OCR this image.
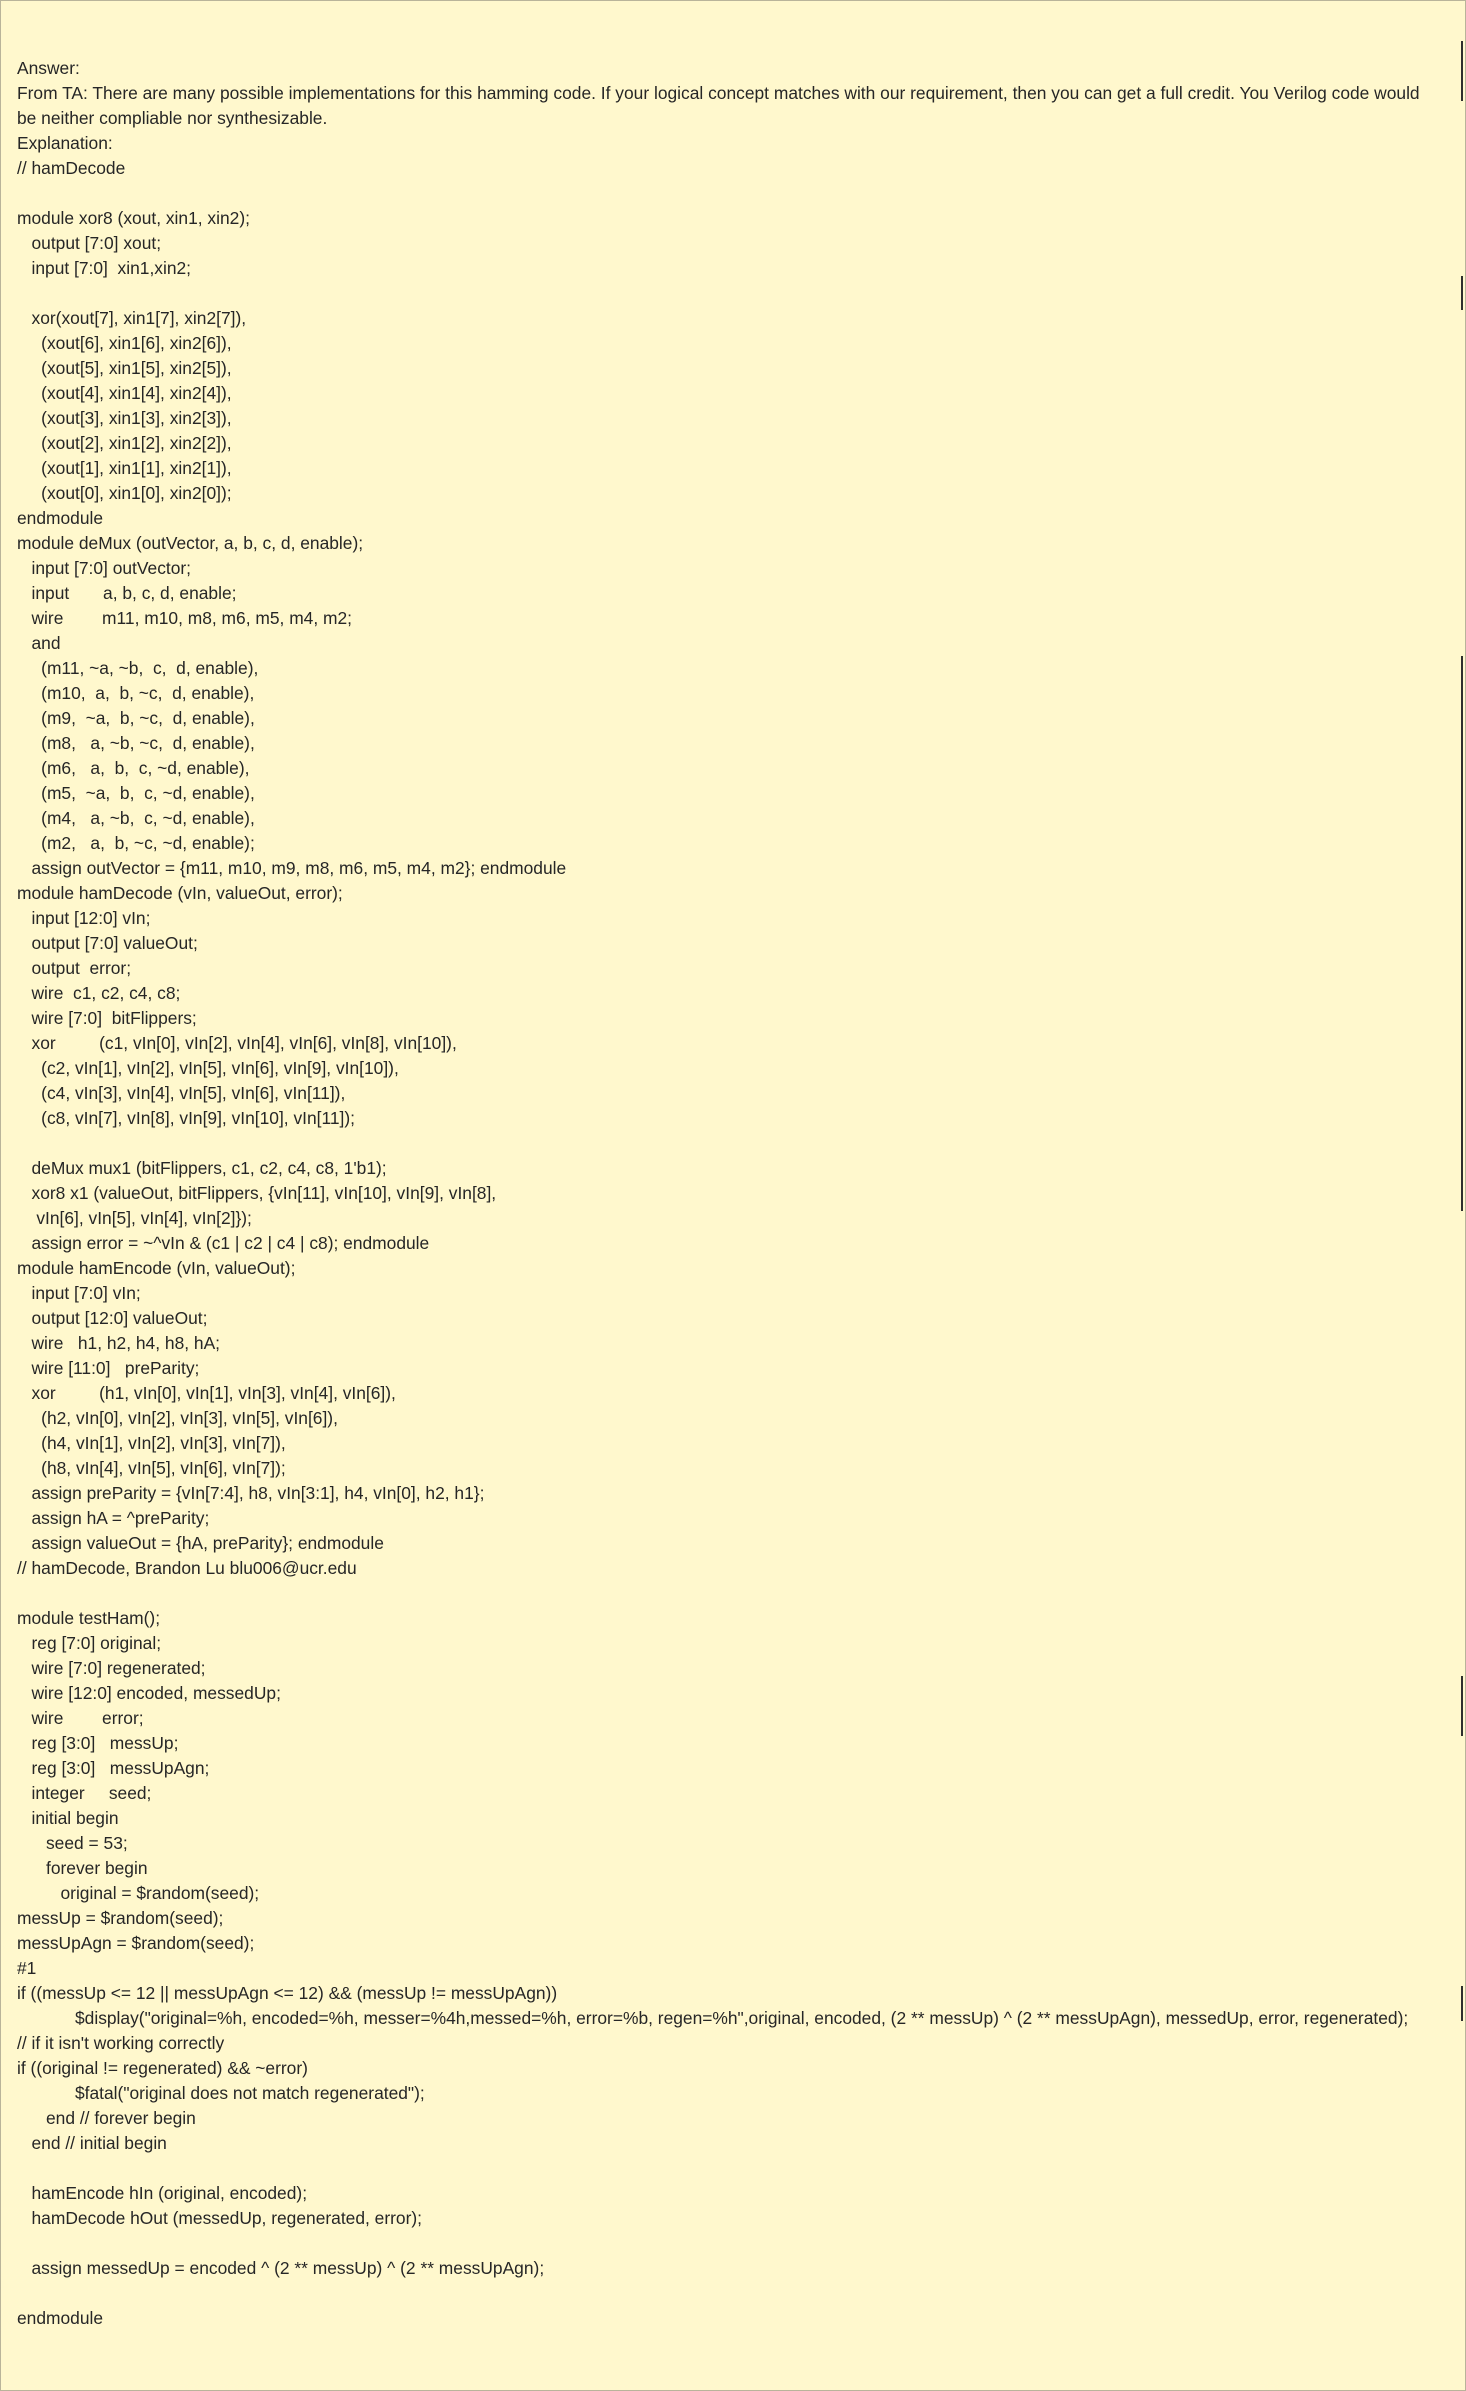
Answer:
From TA: There are many possible implementations for this hamming code. If your logical concept matches with our requirement, then you can get a full credit. You Verilog code would be neither compliable nor synthesizable.
Explanation:
// hamDecode
module xor8 (xout, xin1, xin2);
output [7:0] xout;
input [7:0]  xin1,xin2;
xor(xout[7], xin1[7], xin2[7]),
(xout[6], xin1[6], xin2[6]),
(xout[5], xin1[5], xin2[5]),
(xout[4], xin1[4], xin2[4]),
(xout[3], xin1[3], xin2[3]),
(xout[2], xin1[2], xin2[2]),
(xout[1], xin1[1], xin2[1]),
(xout[0], xin1[0], xin2[0]);
endmodule
module deMux (outVector, a, b, c, d, enable);
input [7:0] outVector;
input       a, b, c, d, enable;
wire        m11, m10, m8, m6, m5, m4, m2;
and
(m11, ~a, ~b,  c,  d, enable),
(m10,  a,  b, ~c,  d, enable),
(m9,  ~a,  b, ~c,  d, enable),
(m8,   a, ~b, ~c,  d, enable),
(m6,   a,  b,  c, ~d, enable),
(m5,  ~a,  b,  c, ~d, enable),
(m4,   a, ~b,  c, ~d, enable),
(m2,   a,  b, ~c, ~d, enable);
assign outVector = {m11, m10, m9, m8, m6, m5, m4, m2}; endmodule
module hamDecode (vIn, valueOut, error);
input [12:0] vIn;
output [7:0] valueOut;
output  error;
wire  c1, c2, c4, c8;
wire [7:0]  bitFlippers;
xor         (c1, vIn[0], vIn[2], vIn[4], vIn[6], vIn[8], vIn[10]),
(c2, vIn[1], vIn[2], vIn[5], vIn[6], vIn[9], vIn[10]),
(c4, vIn[3], vIn[4], vIn[5], vIn[6], vIn[11]),
(c8, vIn[7], vIn[8], vIn[9], vIn[10], vIn[11]);
deMux mux1 (bitFlippers, c1, c2, c4, c8, 1'b1);
xor8 x1 (valueOut, bitFlippers, {vIn[11], vIn[10], vIn[9], vIn[8],
vIn[6], vIn[5], vIn[4], vIn[2]});
assign error = ~^vIn & (c1 | c2 | c4 | c8); endmodule
module hamEncode (vIn, valueOut);
input [7:0] vIn;
output [12:0] valueOut;
wire   h1, h2, h4, h8, hA;
wire [11:0]   preParity;
xor         (h1, vIn[0], vIn[1], vIn[3], vIn[4], vIn[6]),
(h2, vIn[0], vIn[2], vIn[3], vIn[5], vIn[6]),
(h4, vIn[1], vIn[2], vIn[3], vIn[7]),
(h8, vIn[4], vIn[5], vIn[6], vIn[7]);
assign preParity = {vIn[7:4], h8, vIn[3:1], h4, vIn[0], h2, h1};
assign hA = ^preParity;
assign valueOut = {hA, preParity}; endmodule
// hamDecode, Brandon Lu blu006@ucr.edu
module testHam();
reg [7:0] original;
wire [7:0] regenerated;
wire [12:0] encoded, messedUp;
wire        error;
reg [3:0]   messUp;
reg [3:0]   messUpAgn;
integer     seed;
initial begin
seed = 53;
forever begin
original = $random(seed);
messUp = $random(seed);
messUpAgn = $random(seed);
#1
if ((messUp <= 12 || messUpAgn <= 12) && (messUp != messUpAgn))
$display("original=%h, encoded=%h, messer=%4h,messed=%h, error=%b, regen=%h",original, encoded, (2 ** messUp) ^ (2 ** messUpAgn), messedUp, error, regenerated);
// if it isn't working correctly
if ((original != regenerated) && ~error)
$fatal("original does not match regenerated");
end // forever begin
end // initial begin
hamEncode hIn (original, encoded);
hamDecode hOut (messedUp, regenerated, error);
assign messedUp = encoded ^ (2 ** messUp) ^ (2 ** messUpAgn);
endmodule
